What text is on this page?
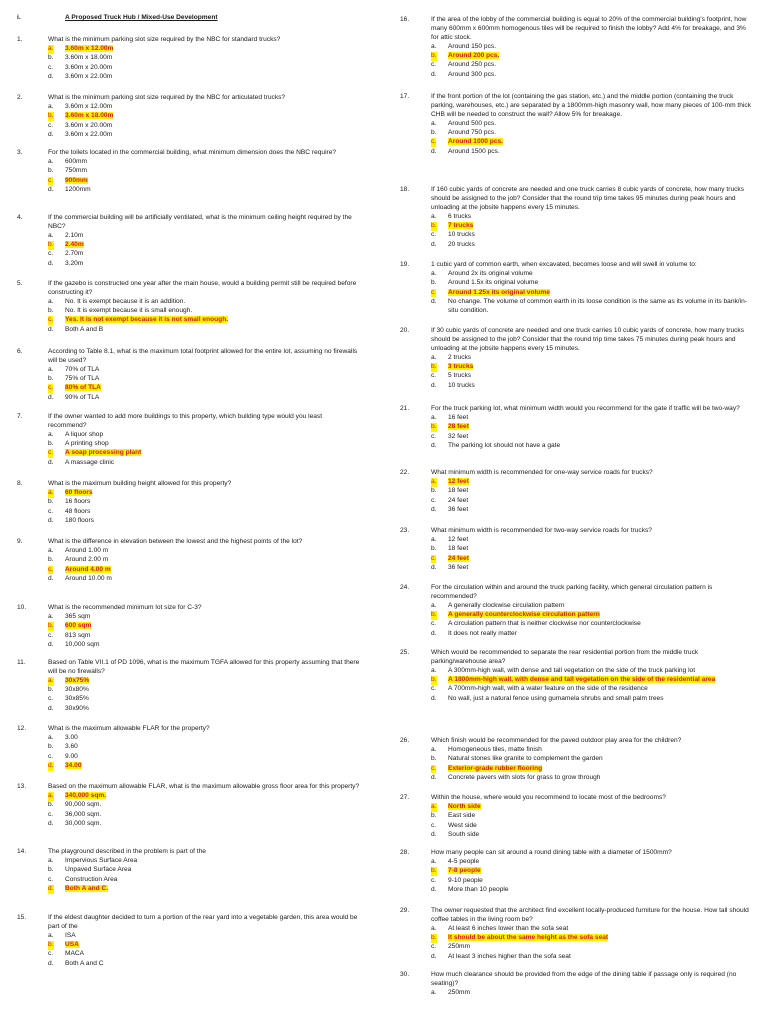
i.	A Proposed Truck Hub / Mixed-Use Development
1.	What is the minimum parking slot size required by the NBC for standard trucks?
a. 3.60m x 12.00m
b. 3.60m x 18.00m
c. 3.60m x 20.00m
d. 3.60m x 22.00m
2.	What is the minimum parking slot size required by the NBC for articulated trucks?
a. 3.60m x 12.00m
b. 3.60m x 18.00m
c. 3.60m x 20.00m
d. 3.60m x 22.00m
3.	For the toilets located in the commercial building, what minimum dimension does the NBC require?
a. 600mm
b. 750mm
c. 900mm
d. 1200mm
4.	If the commercial building will be artificially ventilated, what is the minimum ceiling height required by the NBC?
a. 2.10m
b. 2.40m
c. 2.70m
d. 3.20m
5.	If the gazebo is constructed one year after the main house, would a building permit still be required before constructing it?
a. No. It is exempt because it is an addition.
b. No. It is exempt because it is small enough.
c. Yes. It is not exempt because it is not small enough.
d. Both A and B
6.	According to Table 8.1, what is the maximum total footprint allowed for the entire lot, assuming no firewalls will be used?
a. 70% of TLA
b. 75% of TLA
c. 80% of TLA
d. 90% of TLA
7.	If the owner wanted to add more buildings to this property, which building type would you least recommend?
a. A liquor shop
b. A printing shop
c. A soap processing plant
d. A massage clinic
8.	What is the maximum building height allowed for this property?
a. 60 floors
b. 16 floors
c. 48 floors
d. 180 floors
9.	What is the difference in elevation between the lowest and the highest points of the lot?
a. Around 1.00 m
b. Around 2.00 m
c. Around 4.00 m
d. Around 10.00 m
10.	What is the recommended minimum lot size for C-3?
a. 365 sqm
b. 600 sqm
c. 813 sqm
d. 10,000 sqm
11.	Based on Table VII.1 of PD 1096, what is the maximum TGFA allowed for this property assuming that there will be no firewalls?
a. 30x75%
b. 30x80%
c. 30x85%
d. 30x90%
12.	What is the maximum allowable FLAR for the property?
a. 3.00
b. 3.60
c. 9.00
d. 34.00
13.	Based on the maximum allowable FLAR, what is the maximum allowable gross floor area for this property?
a. 340,000 sqm.
b. 90,000 sqm.
c. 36,000 sqm.
d. 30,000 sqm.
14.	The playground described in the problem is part of the
a. Impervious Surface Area
b. Unpaved Surface Area
c. Construction Area
d. Both A and C.
15.	If the eldest daughter decided to turn a portion of the rear yard into a vegetable garden, this area would be part of the
a. ISA
b. USA
c. MACA
d. Both A and C
16.	If the area of the lobby of the commercial building is equal to 20% of the commercial building's footprint, how many 600mm x 600mm homogenous tiles will be required to finish the lobby? Add 4% for breakage, and 3% for attic stock.
a. Around 150 pcs.
b. Around 200 pcs.
c. Around 250 pcs.
d. Around 300 pcs.
17.	If the front portion of the lot (containing the gas station, etc.) and the middle portion (containing the truck parking, warehouses, etc.) are separated by a 1800mm-high masonry wall, how many pieces of 100-mm thick CHB will be needed to construct the wall? Allow 5% for breakage.
a. Around 500 pcs.
b. Around 750 pcs.
c. Around 1000 pcs.
d. Around 1500 pcs.
18.	If 160 cubic yards of concrete are needed and one truck carries 8 cubic yards of concrete, how many trucks should be assigned to the job? Consider that the round trip time takes 95 minutes during peak hours and unloading at the jobsite happens every 15 minutes.
a. 6 trucks
b. 7 trucks
c. 10 trucks
d. 20 trucks
19.	1 cubic yard of common earth, when excavated, becomes loose and will swell in volume to:
a. Around 2x its original volume
b. Around 1.5x its original volume
c. Around 1.25x its original volume
d. No change. The volume of common earth in its loose condition is the same as its volume in its bank/in-situ condition.
20.	If 30 cubic yards of concrete are needed and one truck carries 10 cubic yards of concrete, how many trucks should be assigned to the job? Consider that the round trip time takes 75 minutes during peak hours and unloading at the jobsite happens every 15 minutes.
a. 2 trucks
b. 3 trucks
c. 5 trucks
d. 10 trucks
21.	For the truck parking lot, what minimum width would you recommend for the gate if traffic will be two-way?
a. 16 feet
b. 28 feet
c. 32 feet
d. The parking lot should not have a gate
22.	What minimum width is recommended for one-way service roads for trucks?
a. 12 feet
b. 18 feet
c. 24 feet
d. 36 feet
23.	What minimum width is recommended for two-way service roads for trucks?
a. 12 feet
b. 18 feet
c. 24 feet
d. 36 feet
24.	For the circulation within and around the truck parking facility, which general circulation pattern is recommended?
a. A generally clockwise circulation pattern
b. A generally counterclockwise circulation pattern
c. A circulation pattern that is neither clockwise nor counterclockwise
d. It does not really matter
25.	Which would be recommended to separate the rear residential portion from the middle truck parking/warehouse area?
a. A 300mm-high wall, with dense and tall vegetation on the side of the truck parking lot
b. A 1800mm-high wall, with dense and tall vegetation on the side of the residential area
c. A 700mm-high wall, with a water feature on the side of the residence
d. No wall, just a natural fence using gumamela shrubs and small palm trees
26.	Which finish would be recommended for the paved outdoor play area for the children?
a. Homogeneous tiles, matte finish
b. Natural stones like granite to complement the garden
c. Exterior-grade rubber flooring
d. Concrete pavers with slots for grass to grow through
27.	Within the house, where would you recommend to locate most of the bedrooms?
a. North side
b. East side
c. West side
d. South side
28.	How many people can sit around a round dining table with a diameter of 1500mm?
a. 4-5 people
b. 7-8 people
c. 9-10 people
d. More than 10 people
29.	The owner requested that the architect find excellent locally-produced furniture for the house. How tall should coffee tables in the living room be?
a. At least 6 inches lower than the sofa seat
b. It should be about the same height as the sofa seat
c. 250mm
d. At least 3 inches higher than the sofa seat
30.	How much clearance should be provided from the edge of the dining table if passage only is required (no seating)?
a. 250mm
